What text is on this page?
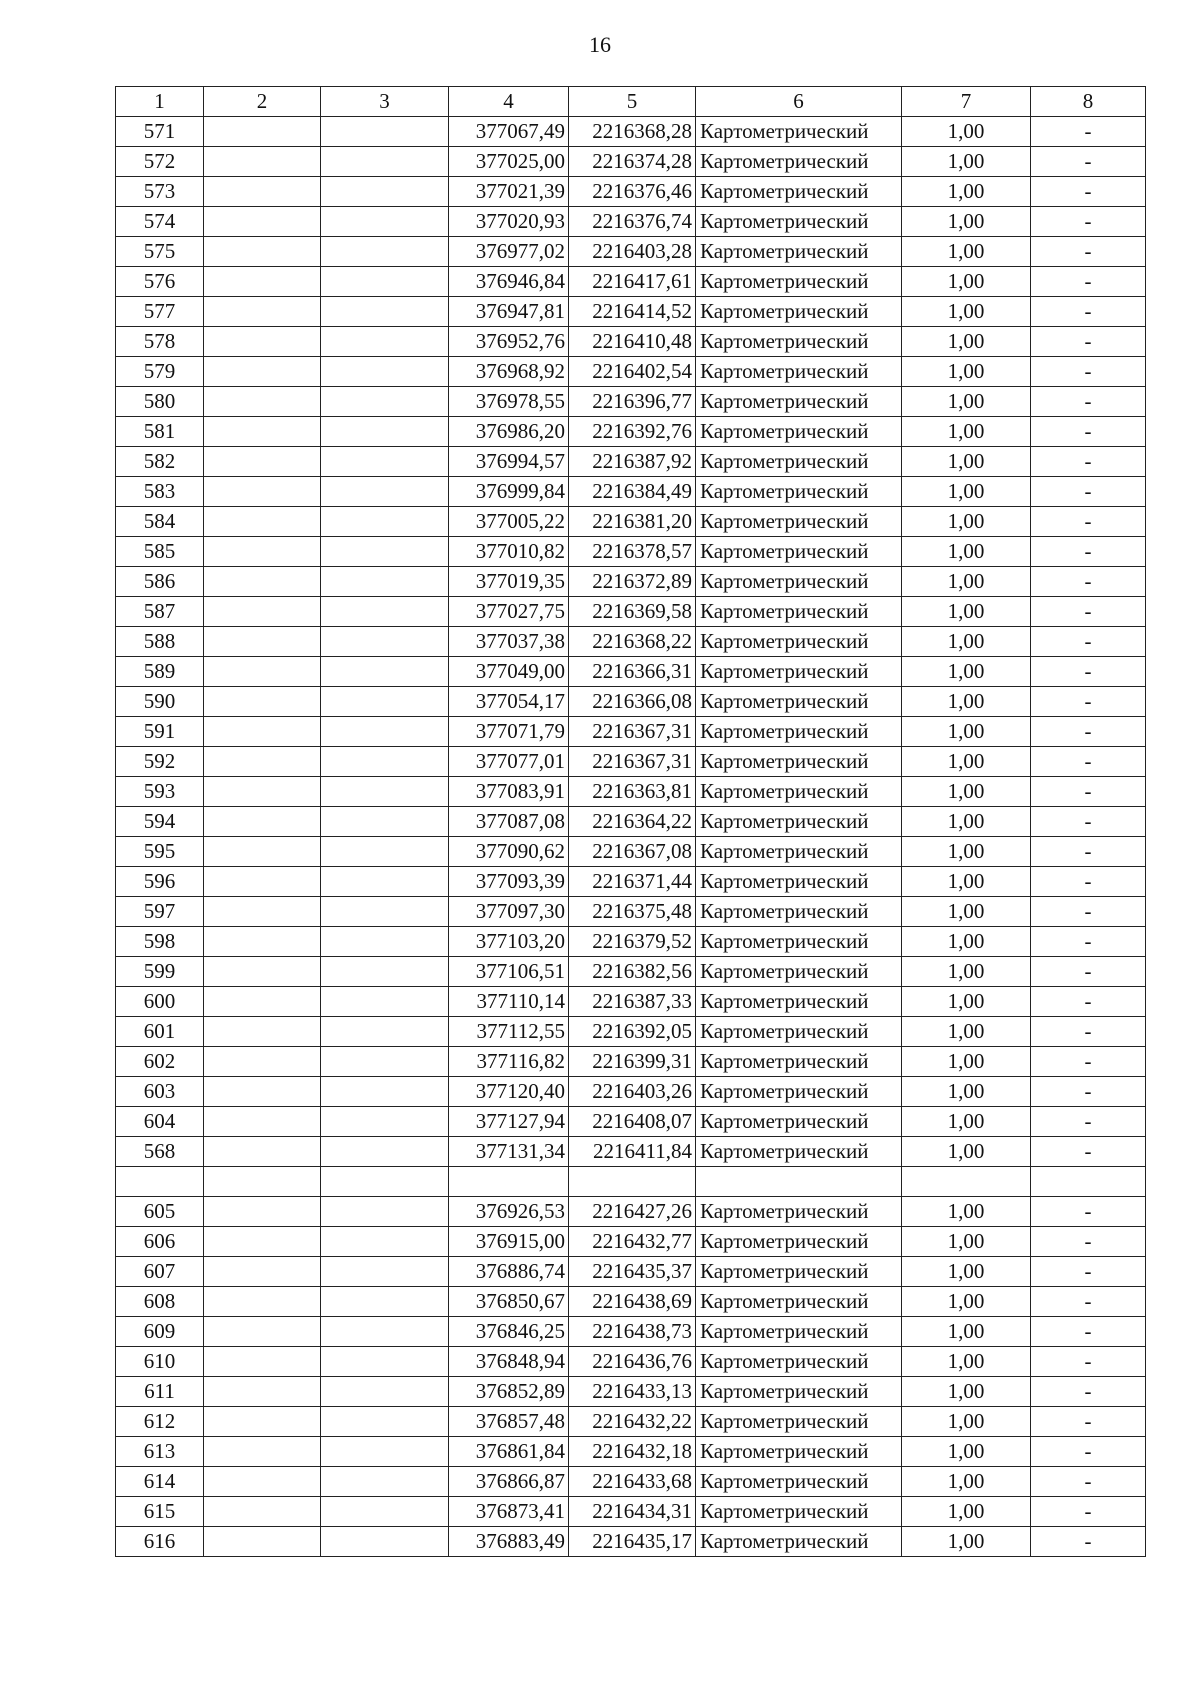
16
1	2	3	4	5	6	7	8
571			377067,49	2216368,28	Картометрический	1,00	-
572			377025,00	2216374,28	Картометрический	1,00	-
573			377021,39	2216376,46	Картометрический	1,00	-
574			377020,93	2216376,74	Картометрический	1,00	-
575			376977,02	2216403,28	Картометрический	1,00	-
576			376946,84	2216417,61	Картометрический	1,00	-
577			376947,81	2216414,52	Картометрический	1,00	-
578			376952,76	2216410,48	Картометрический	1,00	-
579			376968,92	2216402,54	Картометрический	1,00	-
580			376978,55	2216396,77	Картометрический	1,00	-
581			376986,20	2216392,76	Картометрический	1,00	-
582			376994,57	2216387,92	Картометрический	1,00	-
583			376999,84	2216384,49	Картометрический	1,00	-
584			377005,22	2216381,20	Картометрический	1,00	-
585			377010,82	2216378,57	Картометрический	1,00	-
586			377019,35	2216372,89	Картометрический	1,00	-
587			377027,75	2216369,58	Картометрический	1,00	-
588			377037,38	2216368,22	Картометрический	1,00	-
589			377049,00	2216366,31	Картометрический	1,00	-
590			377054,17	2216366,08	Картометрический	1,00	-
591			377071,79	2216367,31	Картометрический	1,00	-
592			377077,01	2216367,31	Картометрический	1,00	-
593			377083,91	2216363,81	Картометрический	1,00	-
594			377087,08	2216364,22	Картометрический	1,00	-
595			377090,62	2216367,08	Картометрический	1,00	-
596			377093,39	2216371,44	Картометрический	1,00	-
597			377097,30	2216375,48	Картометрический	1,00	-
598			377103,20	2216379,52	Картометрический	1,00	-
599			377106,51	2216382,56	Картометрический	1,00	-
600			377110,14	2216387,33	Картометрический	1,00	-
601			377112,55	2216392,05	Картометрический	1,00	-
602			377116,82	2216399,31	Картометрический	1,00	-
603			377120,40	2216403,26	Картометрический	1,00	-
604			377127,94	2216408,07	Картометрический	1,00	-
568			377131,34	2216411,84	Картометрический	1,00	-

605			376926,53	2216427,26	Картометрический	1,00	-
606			376915,00	2216432,77	Картометрический	1,00	-
607			376886,74	2216435,37	Картометрический	1,00	-
608			376850,67	2216438,69	Картометрический	1,00	-
609			376846,25	2216438,73	Картометрический	1,00	-
610			376848,94	2216436,76	Картометрический	1,00	-
611			376852,89	2216433,13	Картометрический	1,00	-
612			376857,48	2216432,22	Картометрический	1,00	-
613			376861,84	2216432,18	Картометрический	1,00	-
614			376866,87	2216433,68	Картометрический	1,00	-
615			376873,41	2216434,31	Картометрический	1,00	-
616			376883,49	2216435,17	Картометрический	1,00	-
